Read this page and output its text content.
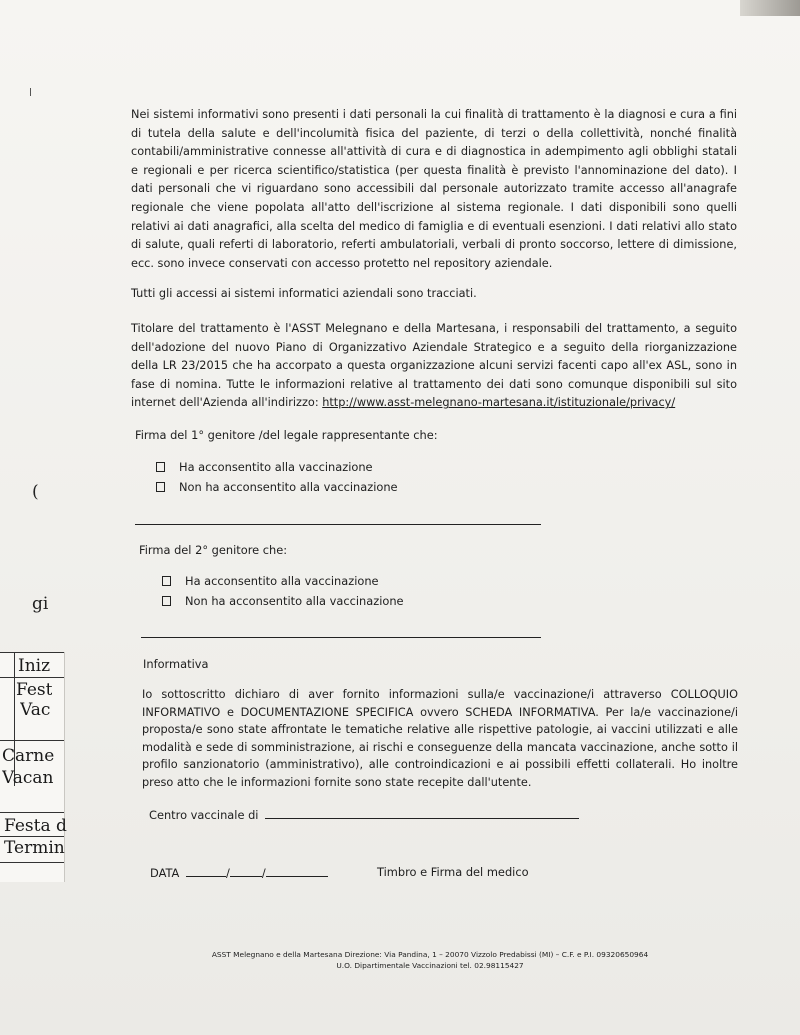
Nei sistemi informativi sono presenti i dati personali la cui finalità di trattamento è la diagnosi e cura a fini di tutela della salute e dell'incolumità fisica del paziente, di terzi o della collettività, nonché finalità contabili/amministrative connesse all'attività di cura e di diagnostica in adempimento agli obblighi statali e regionali e per ricerca scientifico/statistica (per questa finalità è previsto l'annominazione del dato). I dati personali che vi riguardano sono accessibili dal personale autorizzato tramite accesso all'anagrafe regionale che viene popolata all'atto dell'iscrizione al sistema regionale. I dati disponibili sono quelli relativi ai dati anagrafici, alla scelta del medico di famiglia e di eventuali esenzioni. I dati relativi allo stato di salute, quali referti di laboratorio, referti ambulatoriali, verbali di pronto soccorso, lettere di dimissione, ecc. sono invece conservati con accesso protetto nel repository aziendale.

Tutti gli accessi ai sistemi informatici aziendali sono tracciati.

Titolare del trattamento è l'ASST Melegnano e della Martesana, i responsabili del trattamento, a seguito dell'adozione del nuovo Piano di Organizzativo Aziendale Strategico e a seguito della riorganizzazione della LR 23/2015 che ha accorpato a questa organizzazione alcuni servizi facenti capo all'ex ASL, sono in fase di nomina. Tutte le informazioni relative al trattamento dei dati sono comunque disponibili sul sito internet dell'Azienda all'indirizzo: http://www.asst-melegnano-martesana.it/istituzionale/privacy/

Firma del 1° genitore /del legale rappresentante che:

Ha acconsentito alla vaccinazione
Non ha acconsentito alla vaccinazione

Firma del 2° genitore che:

Ha acconsentito alla vaccinazione
Non ha acconsentito alla vaccinazione

Informativa

Io sottoscritto dichiaro di aver fornito informazioni sulla/e vaccinazione/i attraverso COLLOQUIO INFORMATIVO e DOCUMENTAZIONE SPECIFICA ovvero SCHEDA INFORMATIVA. Per la/e vaccinazione/i proposta/e sono state affrontate le tematiche relative alle rispettive patologie, ai vaccini utilizzati e alle modalità e sede di somministrazione, ai rischi e conseguenze della mancata vaccinazione, anche sotto il profilo sanzionatorio (amministrativo), alle controindicazioni e ai possibili effetti collaterali. Ho inoltre preso atto che le informazioni fornite sono state recepite dall'utente.

Centro vaccinale di
DATA	/	/	Timbro e Firma del medico

ASST Melegnano e della Martesana Direzione: Via Pandina, 1 – 20070 Vizzolo Predabissi (MI) – C.F. e P.I. 09320650964

U.O. Dipartimentale Vaccinazioni tel. 02.98115427

(
gi
Iniz
Fest
Vac
Carne
Vacan
Festa d
Termin
